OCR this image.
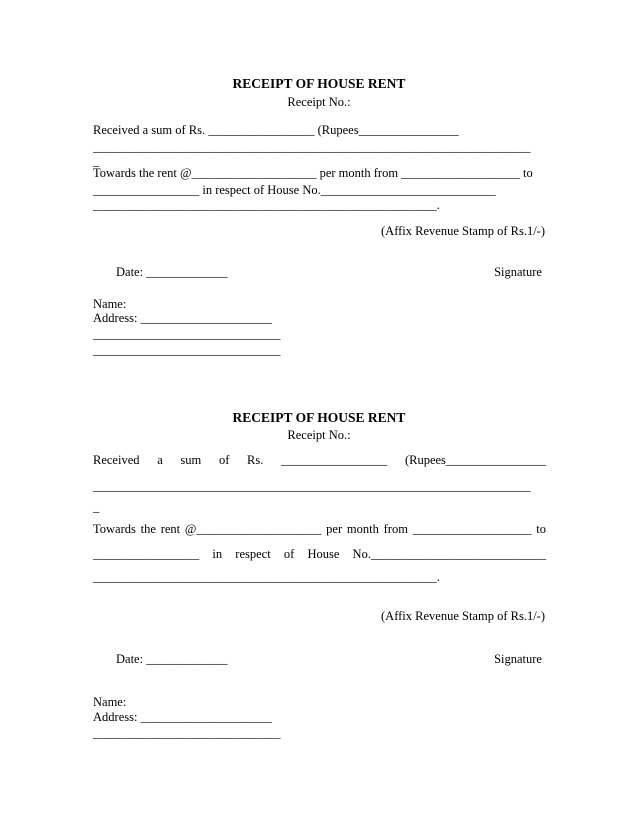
RECEIPT OF HOUSE RENT
Receipt No.:
Received a sum of Rs. _________________ (Rupees________________
______________________________________________________________________
_
Towards the rent @____________________ per month from ___________________ to
_________________ in respect of House No.____________________________
_______________________________________________________.
(Affix Revenue Stamp of Rs.1/-)
Date: _____________	Signature
Name:
Address: _____________________
______________________________
______________________________
RECEIPT OF HOUSE RENT
Receipt No.:
Received a sum of Rs. _________________ (Rupees________________
______________________________________________________________________
_
Towards the rent @____________________ per month from ___________________ to
_________________ in respect of House No.____________________________
_______________________________________________________.
(Affix Revenue Stamp of Rs.1/-)
Date: _____________	Signature
Name:
Address: _____________________
______________________________
